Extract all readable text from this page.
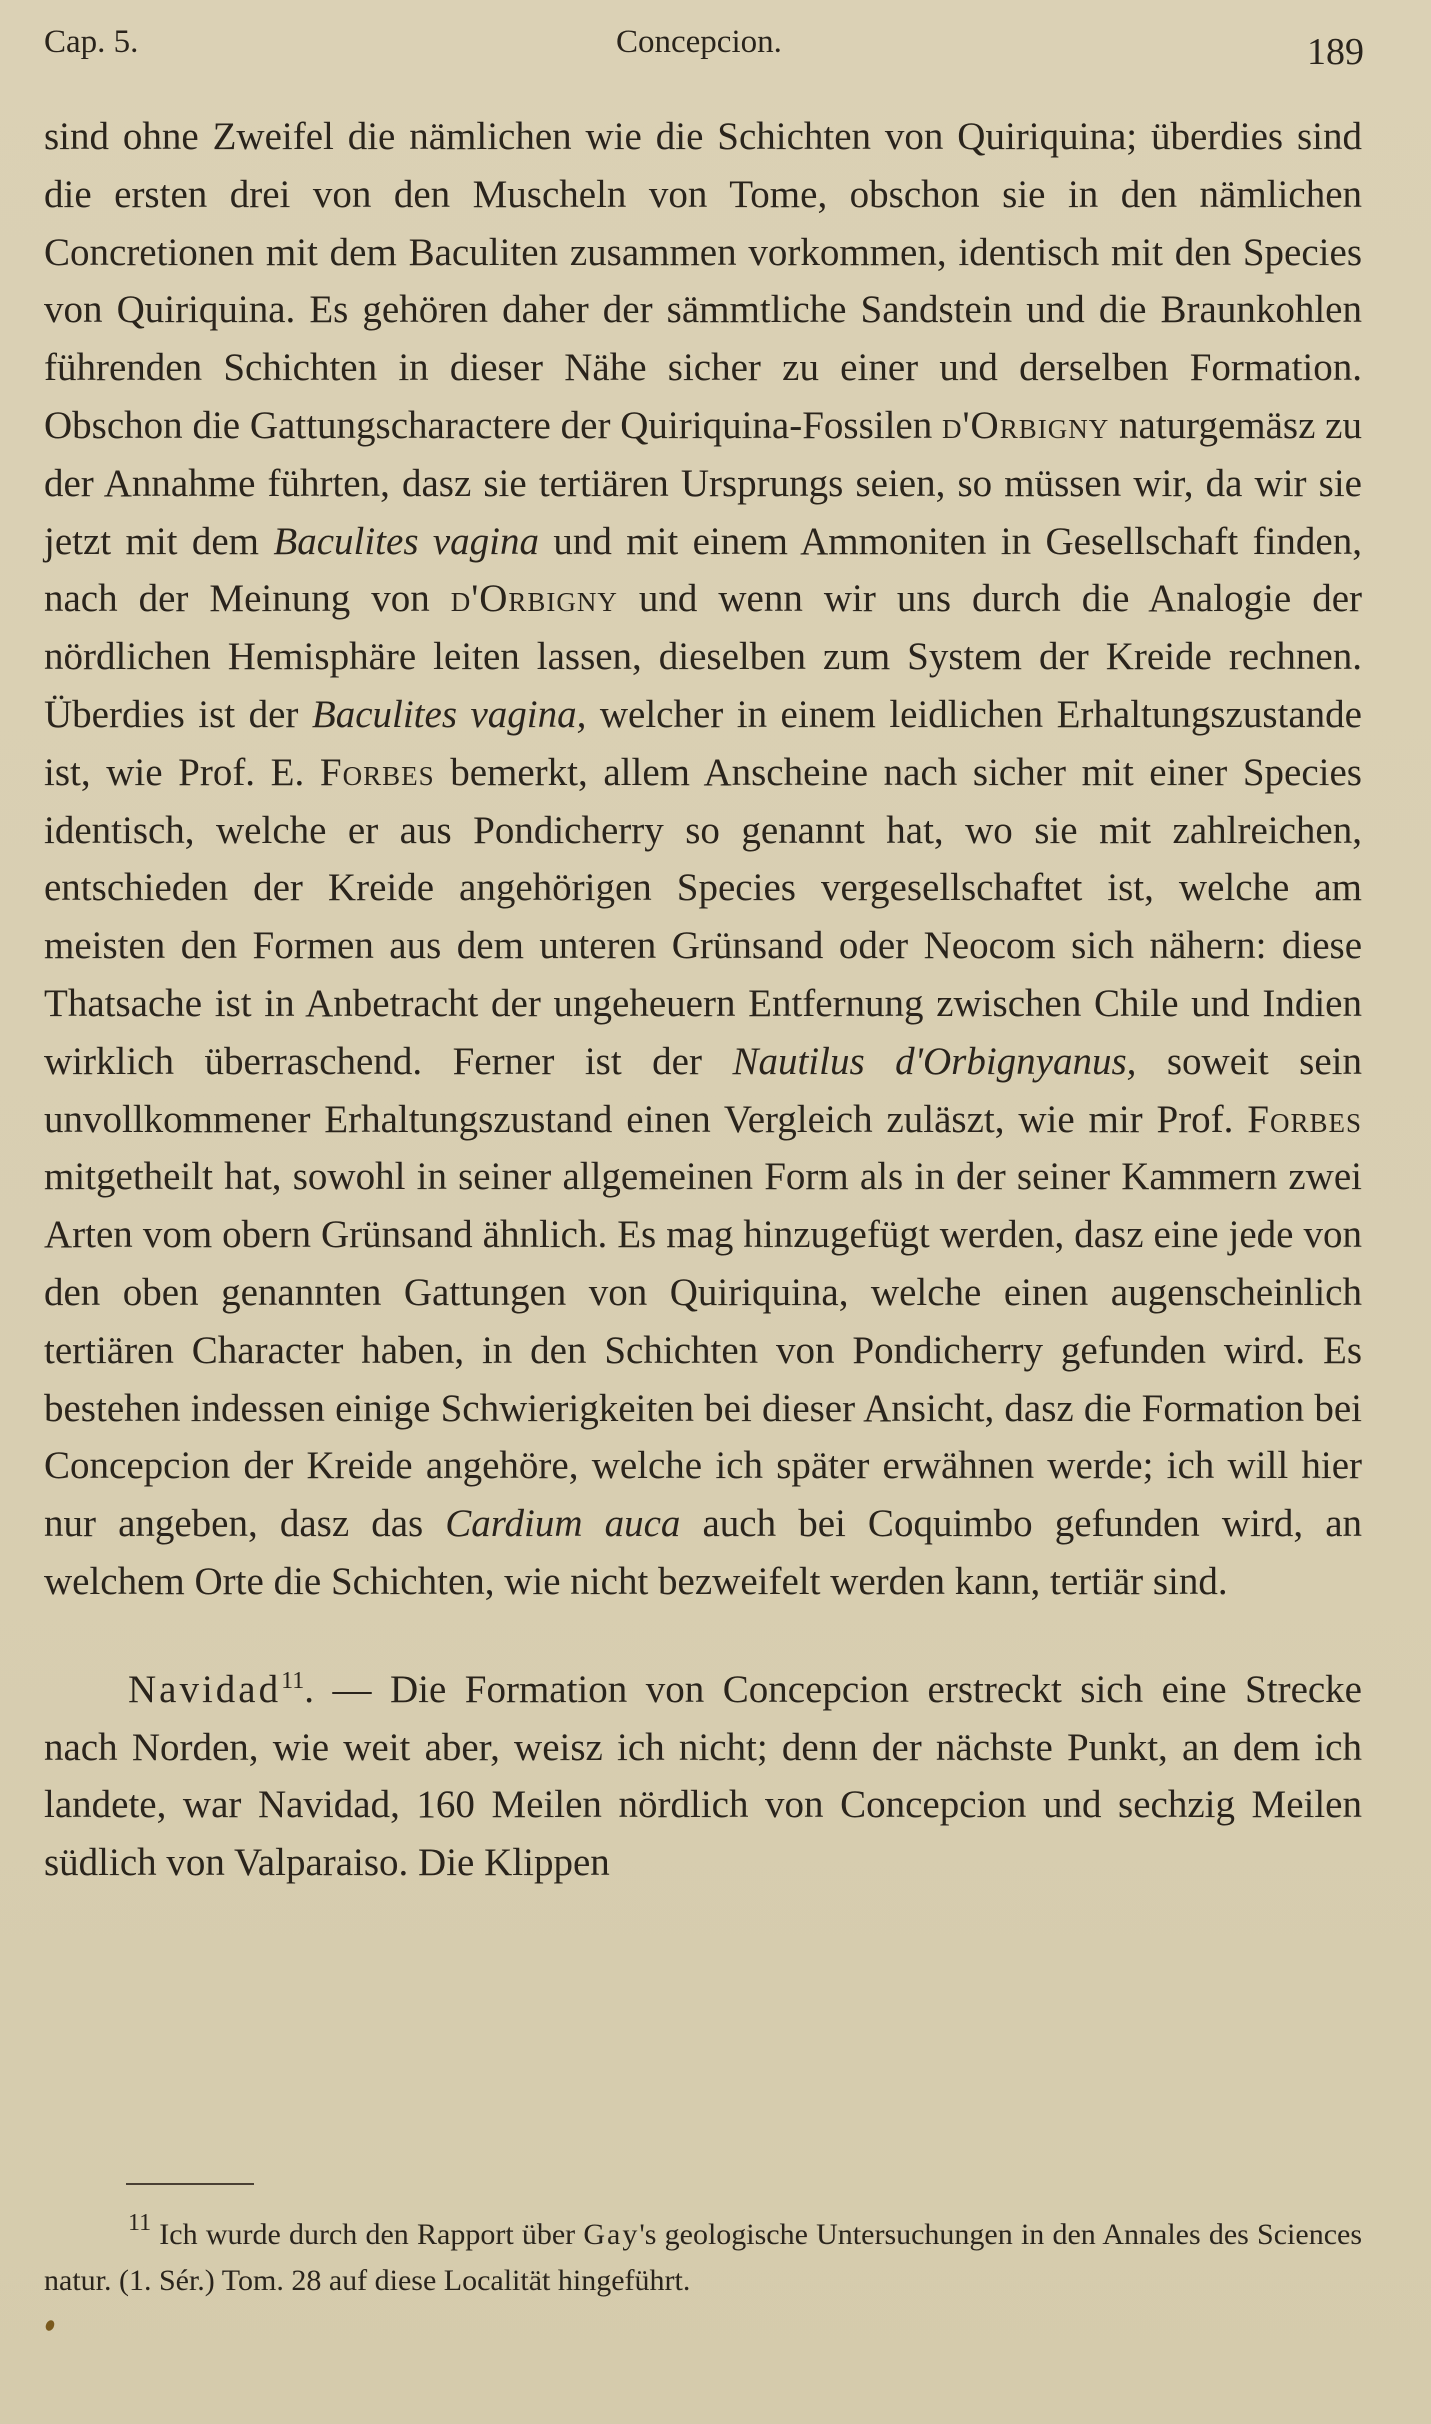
Cap. 5.	Concepcion.	189

sind ohne Zweifel die nämlichen wie die Schichten von Quiriquina; überdies sind die ersten drei von den Muscheln von Tome, obschon sie in den nämlichen Concretionen mit dem Baculiten zusammen vorkommen, identisch mit den Species von Quiriquina. Es gehören daher der sämmtliche Sandstein und die Braunkohlen führenden Schichten in dieser Nähe sicher zu einer und derselben Formation. Obschon die Gattungscharactere der Quiriquina-Fossilen d'Orbigny naturgemäsz zu der Annahme führten, dasz sie tertiären Ursprungs seien, so müssen wir, da wir sie jetzt mit dem Baculites vagina und mit einem Ammoniten in Gesellschaft finden, nach der Meinung von d'Orbigny und wenn wir uns durch die Analogie der nördlichen Hemisphäre leiten lassen, dieselben zum System der Kreide rechnen. Überdies ist der Baculites vagina, welcher in einem leidlichen Erhaltungszustande ist, wie Prof. E. Forbes bemerkt, allem Anscheine nach sicher mit einer Species identisch, welche er aus Pondicherry so genannt hat, wo sie mit zahlreichen, entschieden der Kreide angehörigen Species vergesellschaftet ist, welche am meisten den Formen aus dem unteren Grünsand oder Neocom sich nähern: diese Thatsache ist in Anbetracht der ungeheuern Entfernung zwischen Chile und Indien wirklich überraschend. Ferner ist der Nautilus d'Orbignyanus, soweit sein unvollkommener Erhaltungszustand einen Vergleich zuläszt, wie mir Prof. Forbes mitgetheilt hat, sowohl in seiner allgemeinen Form als in der seiner Kammern zwei Arten vom obern Grünsand ähnlich. Es mag hinzugefügt werden, dasz eine jede von den oben genannten Gattungen von Quiriquina, welche einen augenscheinlich tertiären Character haben, in den Schichten von Pondicherry gefunden wird. Es bestehen indessen einige Schwierigkeiten bei dieser Ansicht, dasz die Formation bei Concepcion der Kreide angehöre, welche ich später erwähnen werde; ich will hier nur angeben, dasz das Cardium auca auch bei Coquimbo gefunden wird, an welchem Orte die Schichten, wie nicht bezweifelt werden kann, tertiär sind.

Navidad$^{11}$. — Die Formation von Concepcion erstreckt sich eine Strecke nach Norden, wie weit aber, weisz ich nicht; denn der nächste Punkt, an dem ich landete, war Navidad, 160 Meilen nördlich von Concepcion und sechzig Meilen südlich von Valparaiso. Die Klippen

$^{11}$ Ich wurde durch den Rapport über Gay's geologische Untersuchungen in den Annales des Sciences natur. (1. Sér.) Tom. 28 auf diese Localität hingeführt.
